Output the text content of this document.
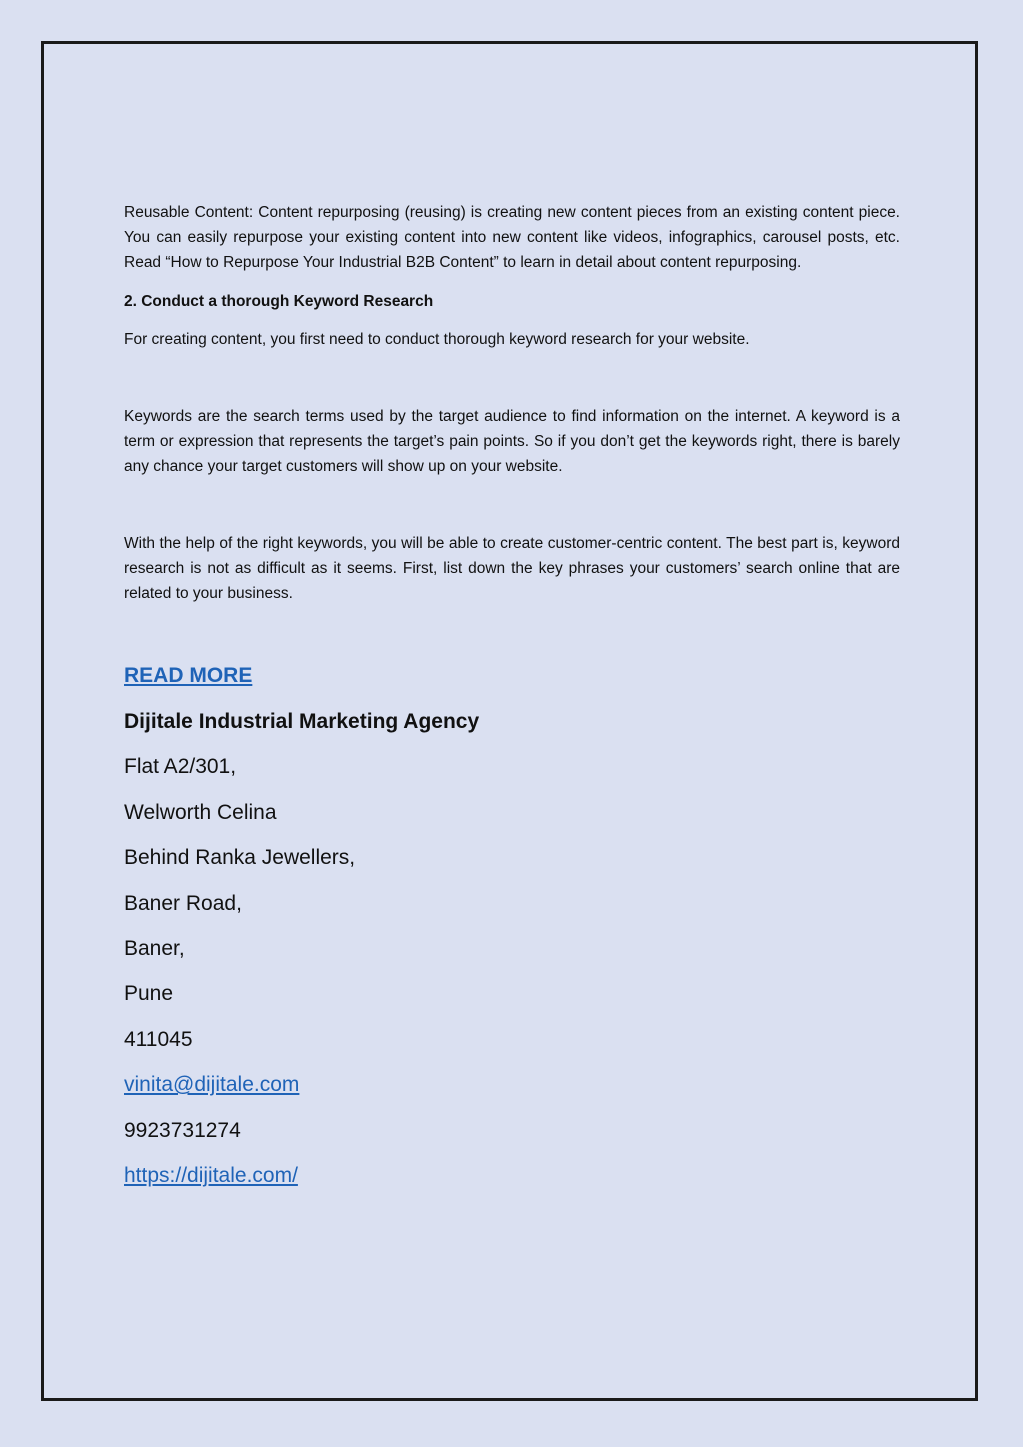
Reusable Content: Content repurposing (reusing) is creating new content pieces from an existing content piece. You can easily repurpose your existing content into new content like videos, infographics, carousel posts, etc. Read “How to Repurpose Your Industrial B2B Content” to learn in detail about content repurposing.

2. Conduct a thorough Keyword Research

For creating content, you first need to conduct thorough keyword research for your website.

Keywords are the search terms used by the target audience to find information on the internet. A keyword is a term or expression that represents the target’s pain points. So if you don’t get the keywords right, there is barely any chance your target customers will show up on your website.

With the help of the right keywords, you will be able to create customer-centric content. The best part is, keyword research is not as difficult as it seems. First, list down the key phrases your customers’ search online that are related to your business.

READ MORE
Dijitale Industrial Marketing Agency
Flat A2/301,
Welworth Celina
Behind Ranka Jewellers,
Baner Road,
Baner,
Pune
411045
vinita@dijitale.com
9923731274
https://dijitale.com/
